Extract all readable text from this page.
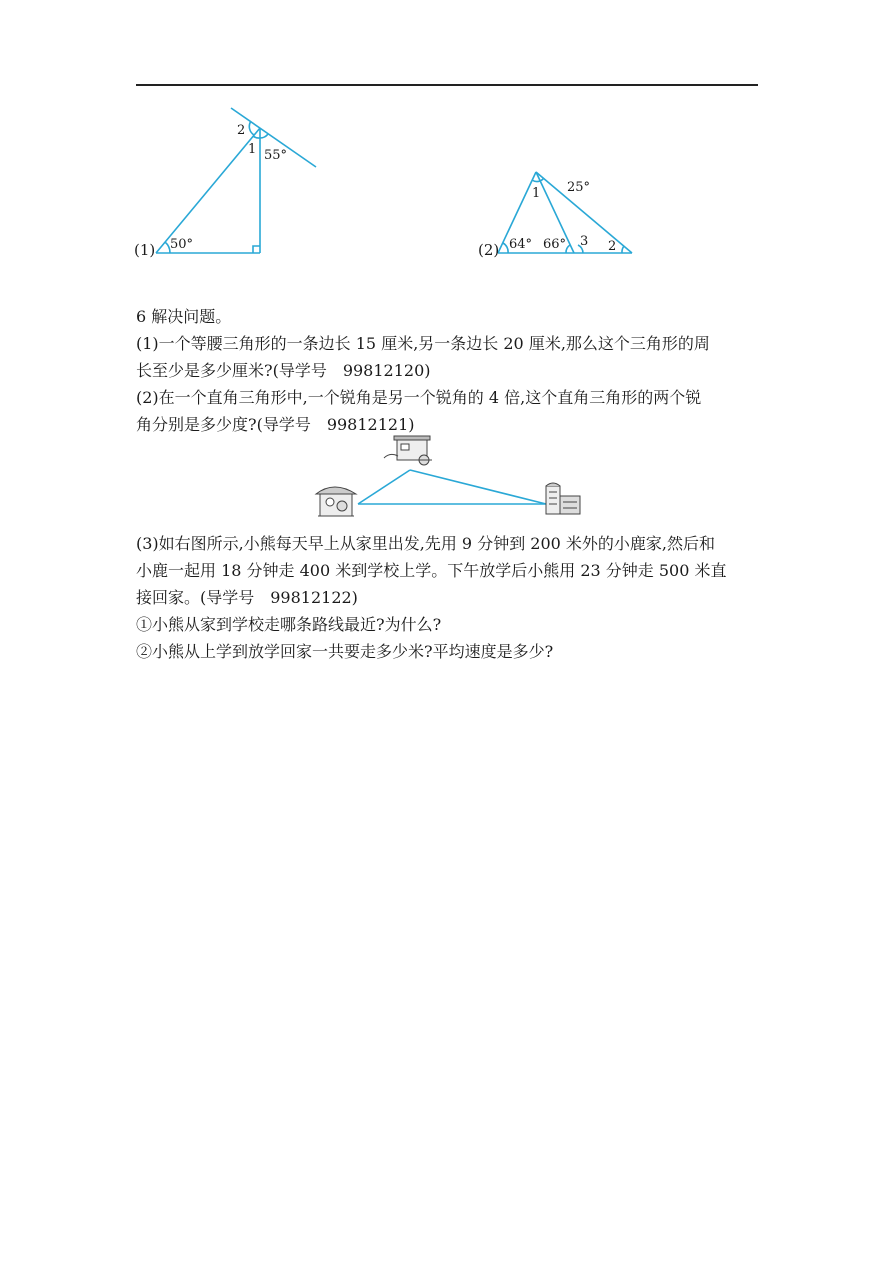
(1) 50°
2
1 55°
(2)
25°
1
64° 66° 3 2
6 解决问题。
(1)一个等腰三角形的一条边长 15 厘米,另一条边长 20 厘米,那么这个三角形的周
长至少是多少厘米?(导学号　99812120)
(2)在一个直角三角形中,一个锐角是另一个锐角的 4 倍,这个直角三角形的两个锐
角分别是多少度?(导学号　99812121)
(3)如右图所示,小熊每天早上从家里出发,先用 9 分钟到 200 米外的小鹿家,然后和
小鹿一起用 18 分钟走 400 米到学校上学。下午放学后小熊用 23 分钟走 500 米直
接回家。(导学号　99812122)
①小熊从家到学校走哪条路线最近?为什么?
②小熊从上学到放学回家一共要走多少米?平均速度是多少?
